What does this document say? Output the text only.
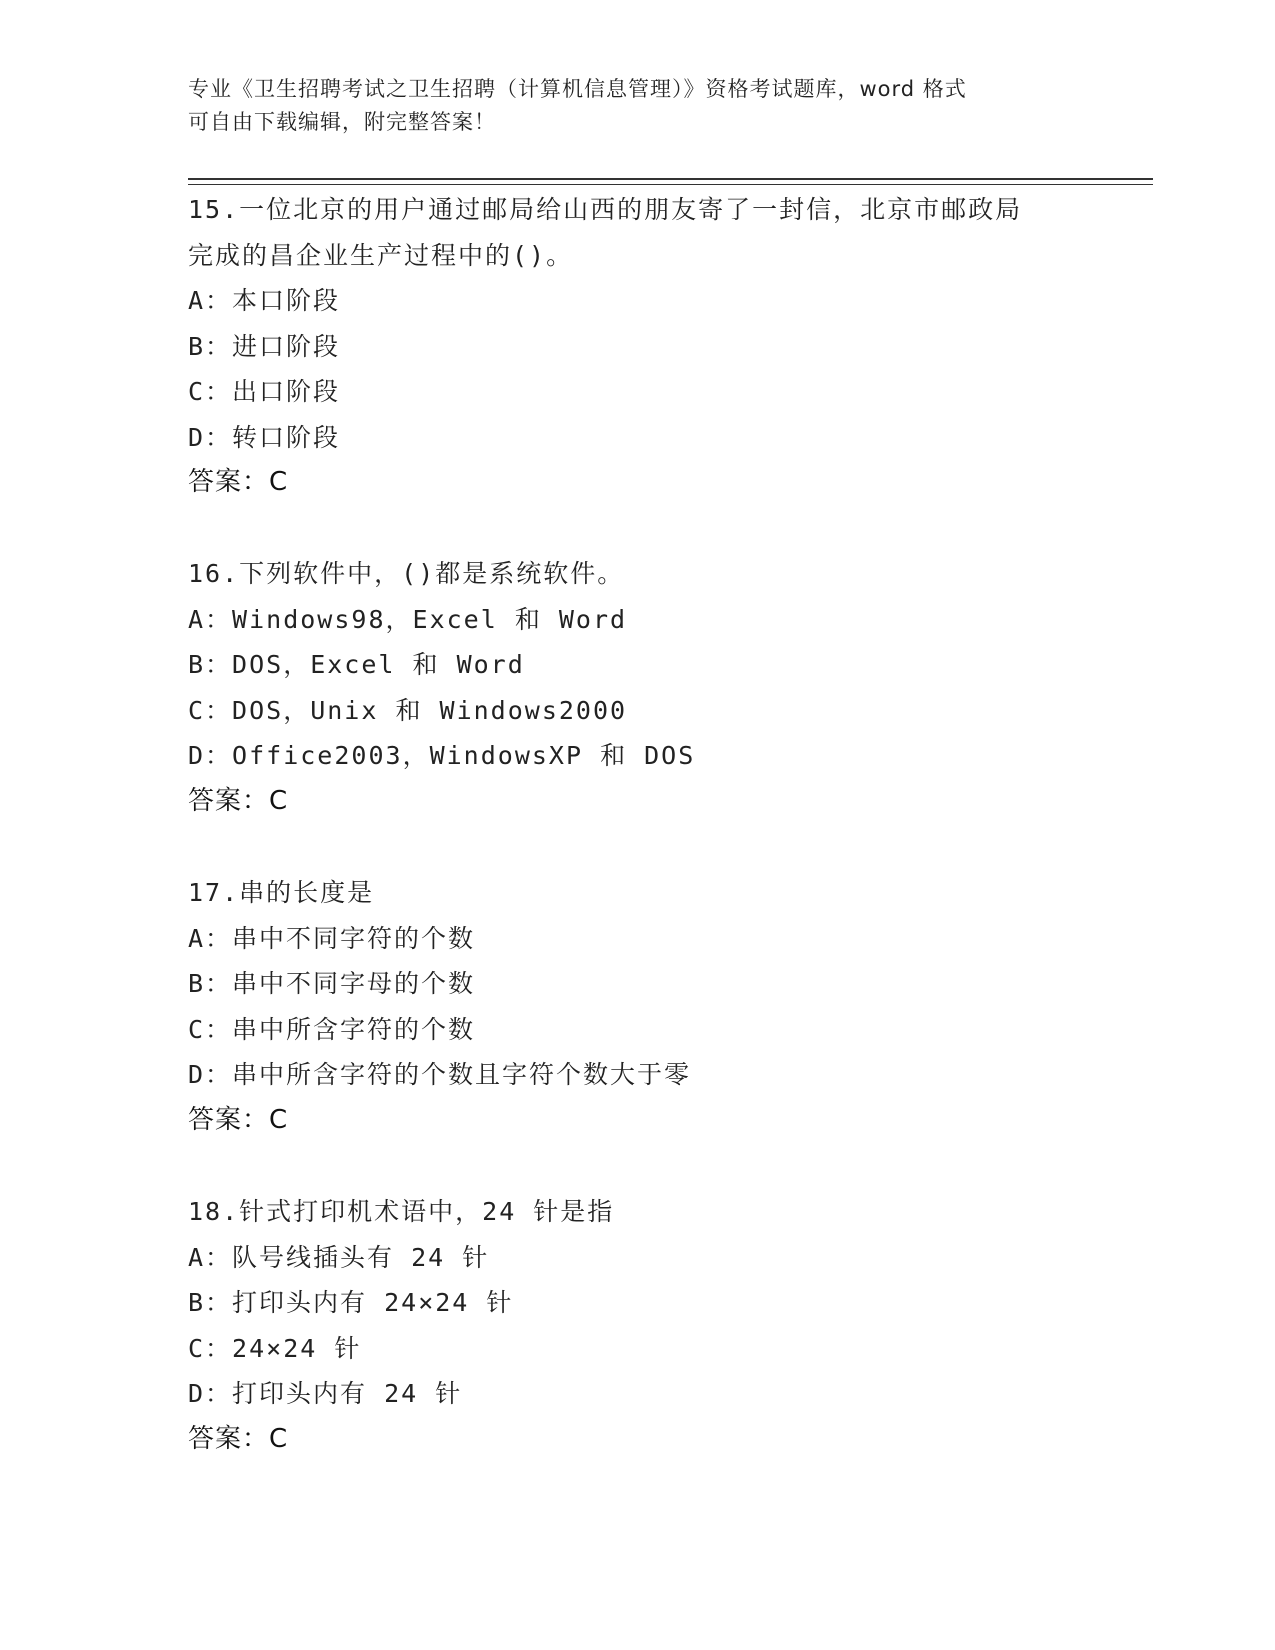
专业《卫生招聘考试之卫生招聘（计算机信息管理）》资格考试题库，word 格式
可自由下载编辑，附完整答案！
15.一位北京的用户通过邮局给山西的朋友寄了一封信，北京市邮政局
完成的昌企业生产过程中的()。
A：本口阶段
B：进口阶段
C：出口阶段
D：转口阶段
答案：C
16.下列软件中，()都是系统软件。
A：Windows98，Excel 和 Word
B：DOS，Excel 和 Word
C：DOS，Unix 和 Windows2000
D：Office2003，WindowsXP 和 DOS
答案：C
17.串的长度是
A：串中不同字符的个数
B：串中不同字母的个数
C：串中所含字符的个数
D：串中所含字符的个数且字符个数大于零
答案：C
18.针式打印机术语中，24 针是指
A：队号线插头有 24 针
B：打印头内有 24×24 针
C：24×24 针
D：打印头内有 24 针
答案：C
